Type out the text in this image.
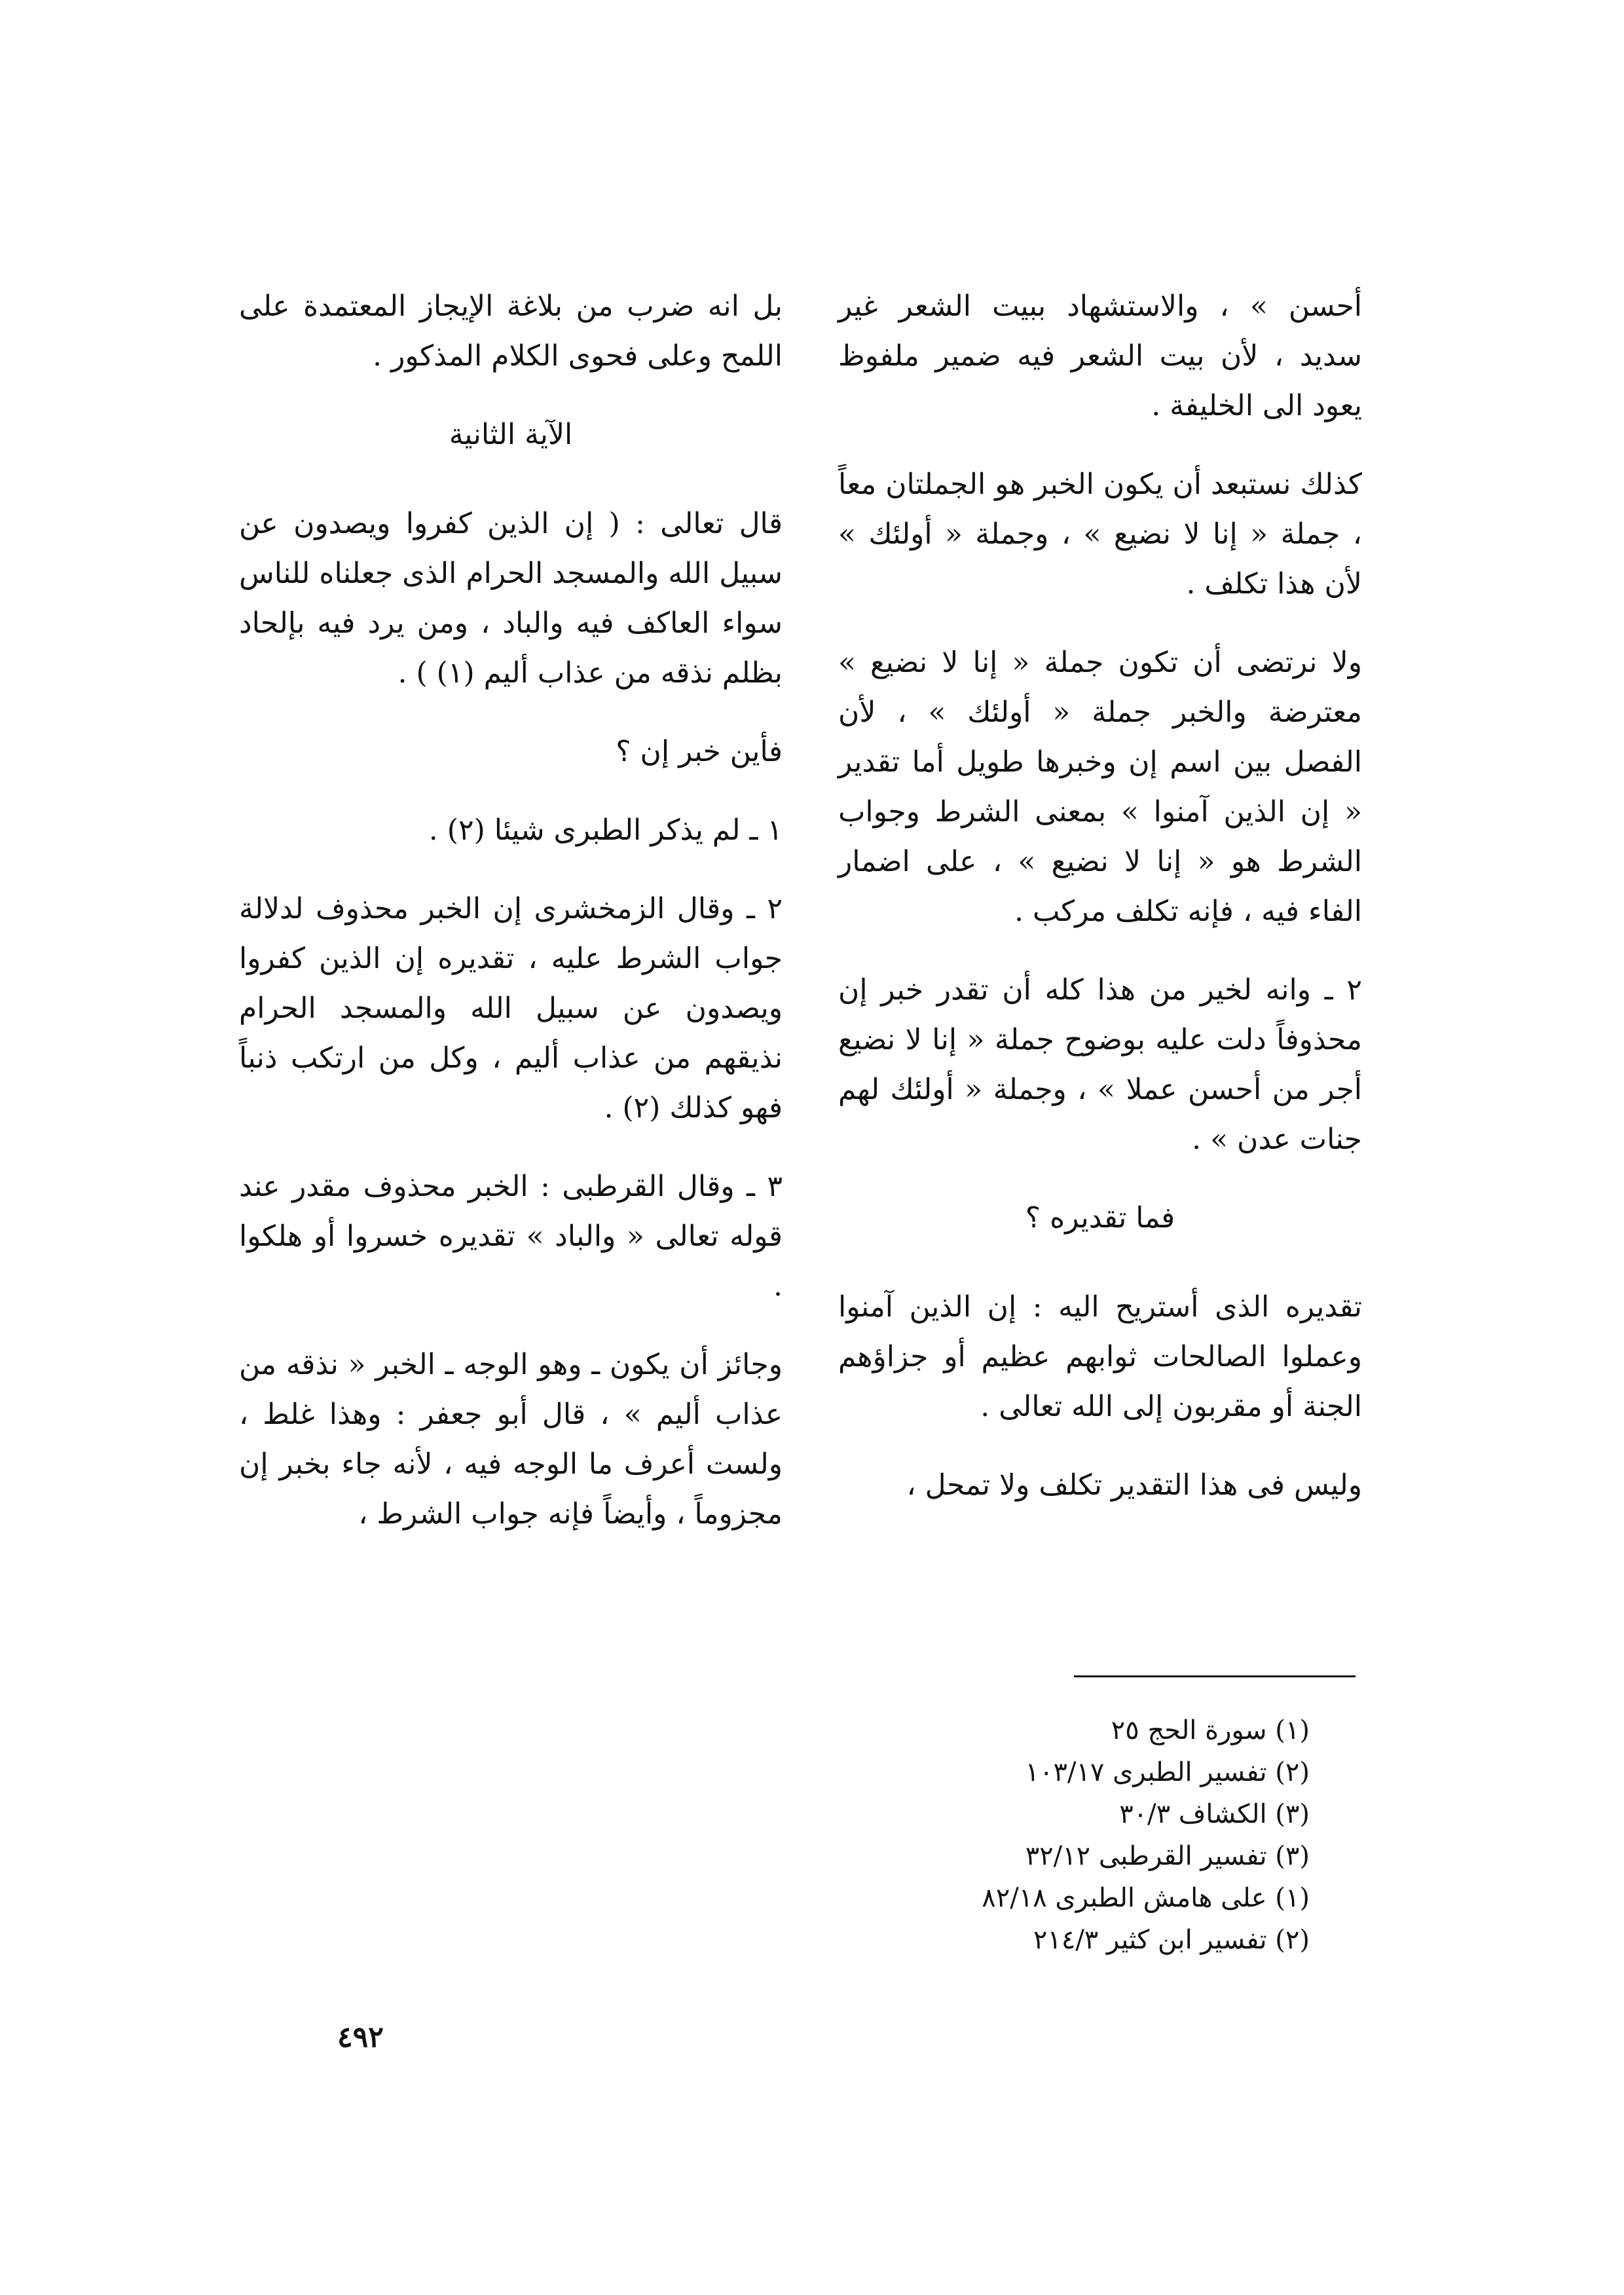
أحسن » ، والاستشهاد ببيت الشعر غير سديد ، لأن بيت الشعر فيه ضمير ملفوظ يعود الى الخليفة .

كذلك نستبعد أن يكون الخبر هو الجملتان معاً ، جملة « إنا لا نضيع » ، وجملة « أولئك » لأن هذا تكلف .

ولا نرتضى أن تكون جملة « إنا لا نضيع » معترضة والخبر جملة « أولئك » ، لأن الفصل بين اسم إن وخبرها طويل أما تقدير « إن الذين آمنوا » بمعنى الشرط وجواب الشرط هو « إنا لا نضيع » ، على اضمار الفاء فيه ، فإنه تكلف مركب .

٢ ـ وانه لخير من هذا كله أن تقدر خبر إن محذوفاً دلت عليه بوضوح جملة « إنا لا نضيع أجر من أحسن عملا » ، وجملة « أولئك لهم جنات عدن » .

فما تقديره ؟

تقديره الذى أستريح اليه : إن الذين آمنوا وعملوا الصالحات ثوابهم عظيم أو جزاؤهم الجنة أو مقربون إلى الله تعالى .

وليس فى هذا التقدير تكلف ولا تمحل ،

بل انه ضرب من بلاغة الإيجاز المعتمدة على اللمح وعلى فحوى الكلام المذكور .

الآية الثانية

قال تعالى : ( إن الذين كفروا ويصدون عن سبيل الله والمسجد الحرام الذى جعلناه للناس سواء العاكف فيه والباد ، ومن يرد فيه بإلحاد بظلم نذقه من عذاب أليم (١) ) .

فأين خبر إن ؟

١ ـ لم يذكر الطبرى شيئا (٢) .

٢ ـ وقال الزمخشرى إن الخبر محذوف لدلالة جواب الشرط عليه ، تقديره إن الذين كفروا ويصدون عن سبيل الله والمسجد الحرام نذيقهم من عذاب أليم ، وكل من ارتكب ذنباً فهو كذلك (٢) .

٣ ـ وقال القرطبى : الخبر محذوف مقدر عند قوله تعالى « والباد » تقديره خسروا أو هلكوا .

وجائز أن يكون ـ وهو الوجه ـ الخبر « نذقه من عذاب أليم » ، قال أبو جعفر : وهذا غلط ، ولست أعرف ما الوجه فيه ، لأنه جاء بخبر إن مجزوماً ، وأيضاً فإنه جواب الشرط ،

(١) سورة الحج ٢٥
(٢) تفسير الطبرى ١٠٣/١٧
(٣) الكشاف ٣٠/٣
(٣) تفسير القرطبى ٣٢/١٢
(١) على هامش الطبرى ٨٢/١٨
(٢) تفسير ابن كثير ٢١٤/٣
٤٩٢
